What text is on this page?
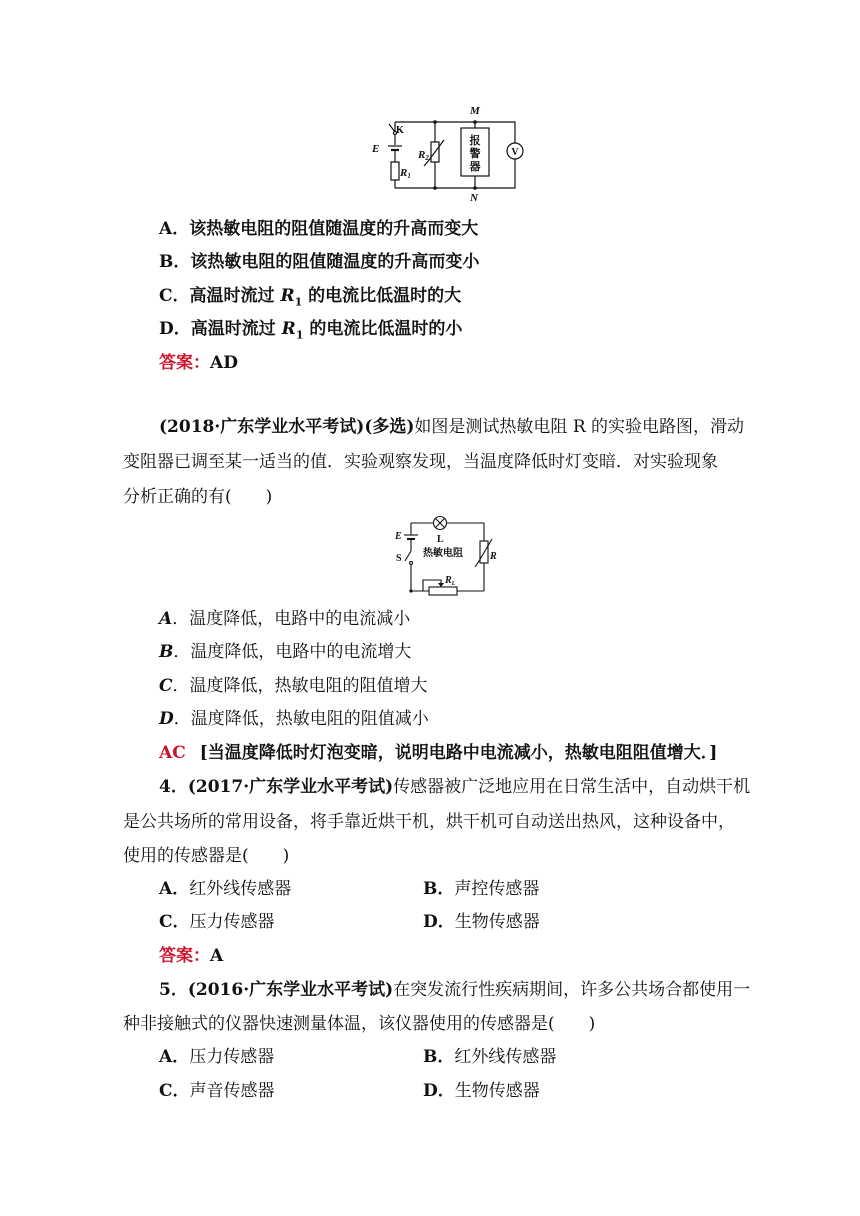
M
N
E
R1
R2
K
报
警
器
V
A．该热敏电阻的阻值随温度的升高而变大
B．该热敏电阻的阻值随温度的升高而变小
C．高温时流过 $R_1$ 的电流比低温时的大
D．高温时流过 $R_1$ 的电流比低温时的小
答案：AD
(2018·广东学业水平考试)(多选)如图是测试热敏电阻 R 的实验电路图，滑动
变阻器已调至某一适当的值．实验观察发现，当温度降低时灯变暗．对实验现象
分析正确的有(　　)
E
S
L
热敏电阻	R
$R_L$
A．温度降低，电路中的电流减小
B．温度降低，电路中的电流增大
C．温度降低，热敏电阻的阻值增大
D．温度降低，热敏电阻的阻值减小
AC [当温度降低时灯泡变暗，说明电路中电流减小，热敏电阻阻值增大．]
4．(2017·广东学业水平考试)传感器被广泛地应用在日常生活中，自动烘干机
是公共场所的常用设备，将手靠近烘干机，烘干机可自动送出热风，这种设备中，
使用的传感器是(　　)
A．红外线传感器	B．声控传感器
C．压力传感器	D．生物传感器
答案：A
5．(2016·广东学业水平考试)在突发流行性疾病期间，许多公共场合都使用一
种非接触式的仪器快速测量体温，该仪器使用的传感器是(　　)
A．压力传感器	B．红外线传感器
C．声音传感器	D．生物传感器
